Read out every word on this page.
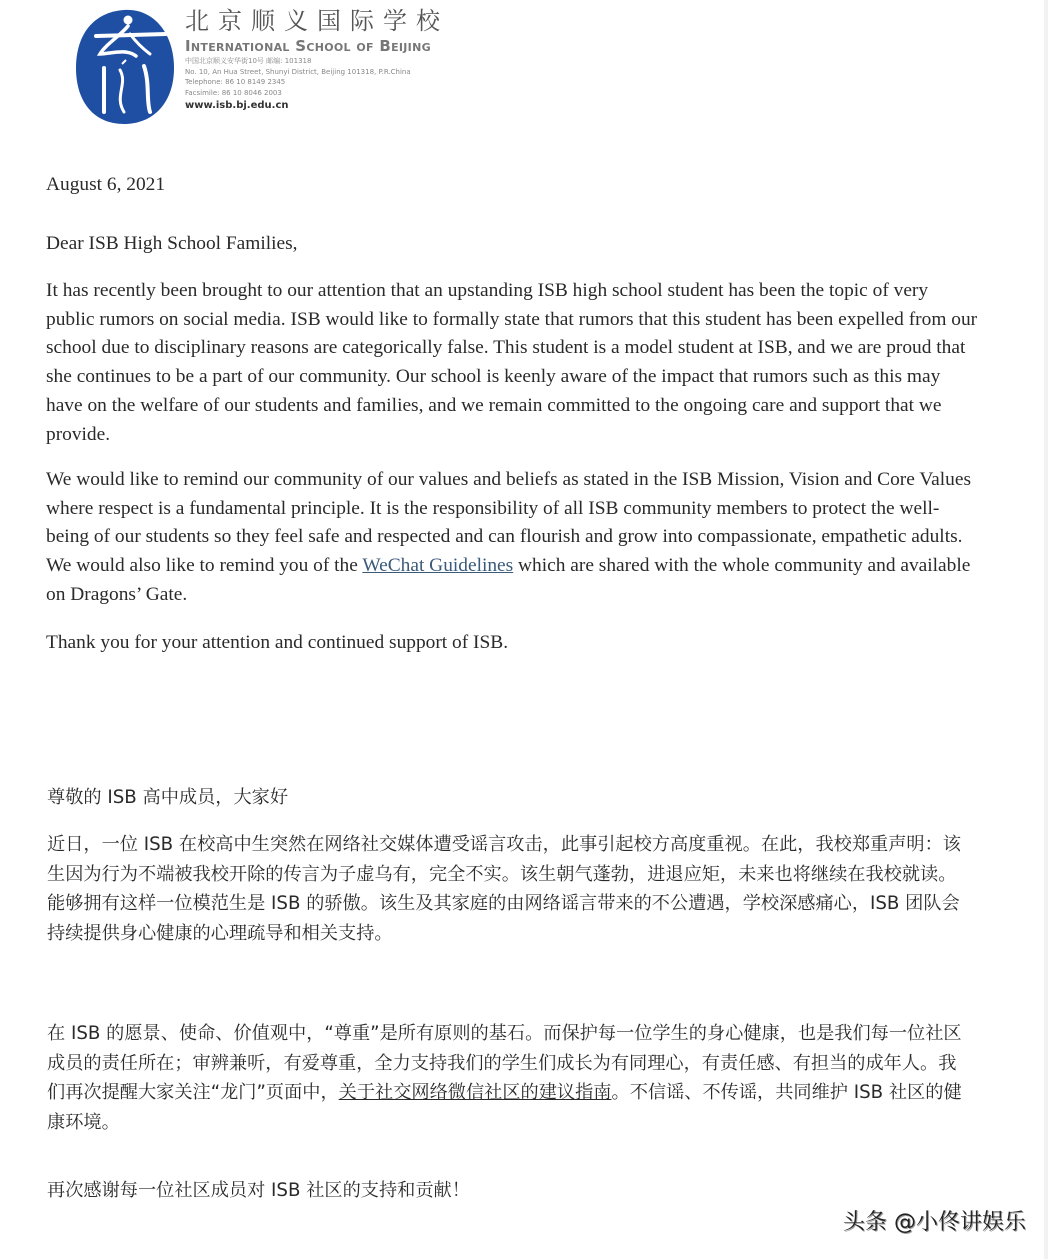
北京顺义国际学校
International School of Beijing
中国北京顺义安华街10号 邮编: 101318
No. 10, An Hua Street, Shunyi District, Beijing 101318, P.R.China
Telephone: 86 10 8149 2345
Facsimile: 86 10 8046 2003
www.isb.bj.edu.cn
August 6, 2021
Dear ISB High School Families,
It has recently been brought to our attention that an upstanding ISB high school student has been the topic of very public rumors on social media. ISB would like to formally state that rumors that this student has been expelled from our school due to disciplinary reasons are categorically false. This student is a model student at ISB, and we are proud that she continues to be a part of our community. Our school is keenly aware of the impact that rumors such as this may have on the welfare of our students and families, and we remain committed to the ongoing care and support that we provide.
We would like to remind our community of our values and beliefs as stated in the ISB Mission, Vision and Core Values where respect is a fundamental principle. It is the responsibility of all ISB community members to protect the well-being of our students so they feel safe and respected and can flourish and grow into compassionate, empathetic adults. We would also like to remind you of the WeChat Guidelines which are shared with the whole community and available on Dragons’ Gate.
Thank you for your attention and continued support of ISB.
尊敬的 ISB 高中成员，大家好
近日，一位 ISB 在校高中生突然在网络社交媒体遭受谣言攻击，此事引起校方高度重视。在此，我校郑重声明：该生因为行为不端被我校开除的传言为子虚乌有，完全不实。该生朝气蓬勃，进退应矩，未来也将继续在我校就读。能够拥有这样一位模范生是 ISB 的骄傲。该生及其家庭的由网络谣言带来的不公遭遇，学校深感痛心，ISB 团队会持续提供身心健康的心理疏导和相关支持。
在 ISB 的愿景、使命、价值观中，“尊重”是所有原则的基石。而保护每一位学生的身心健康，也是我们每一位社区成员的责任所在；审辨兼听，有爱尊重，全力支持我们的学生们成长为有同理心，有责任感、有担当的成年人。我们再次提醒大家关注“龙门”页面中，关于社交网络微信社区的建议指南。不信谣、不传谣，共同维护 ISB 社区的健康环境。
再次感谢每一位社区成员对 ISB 社区的支持和贡献！
头条 @小佟讲娱乐
